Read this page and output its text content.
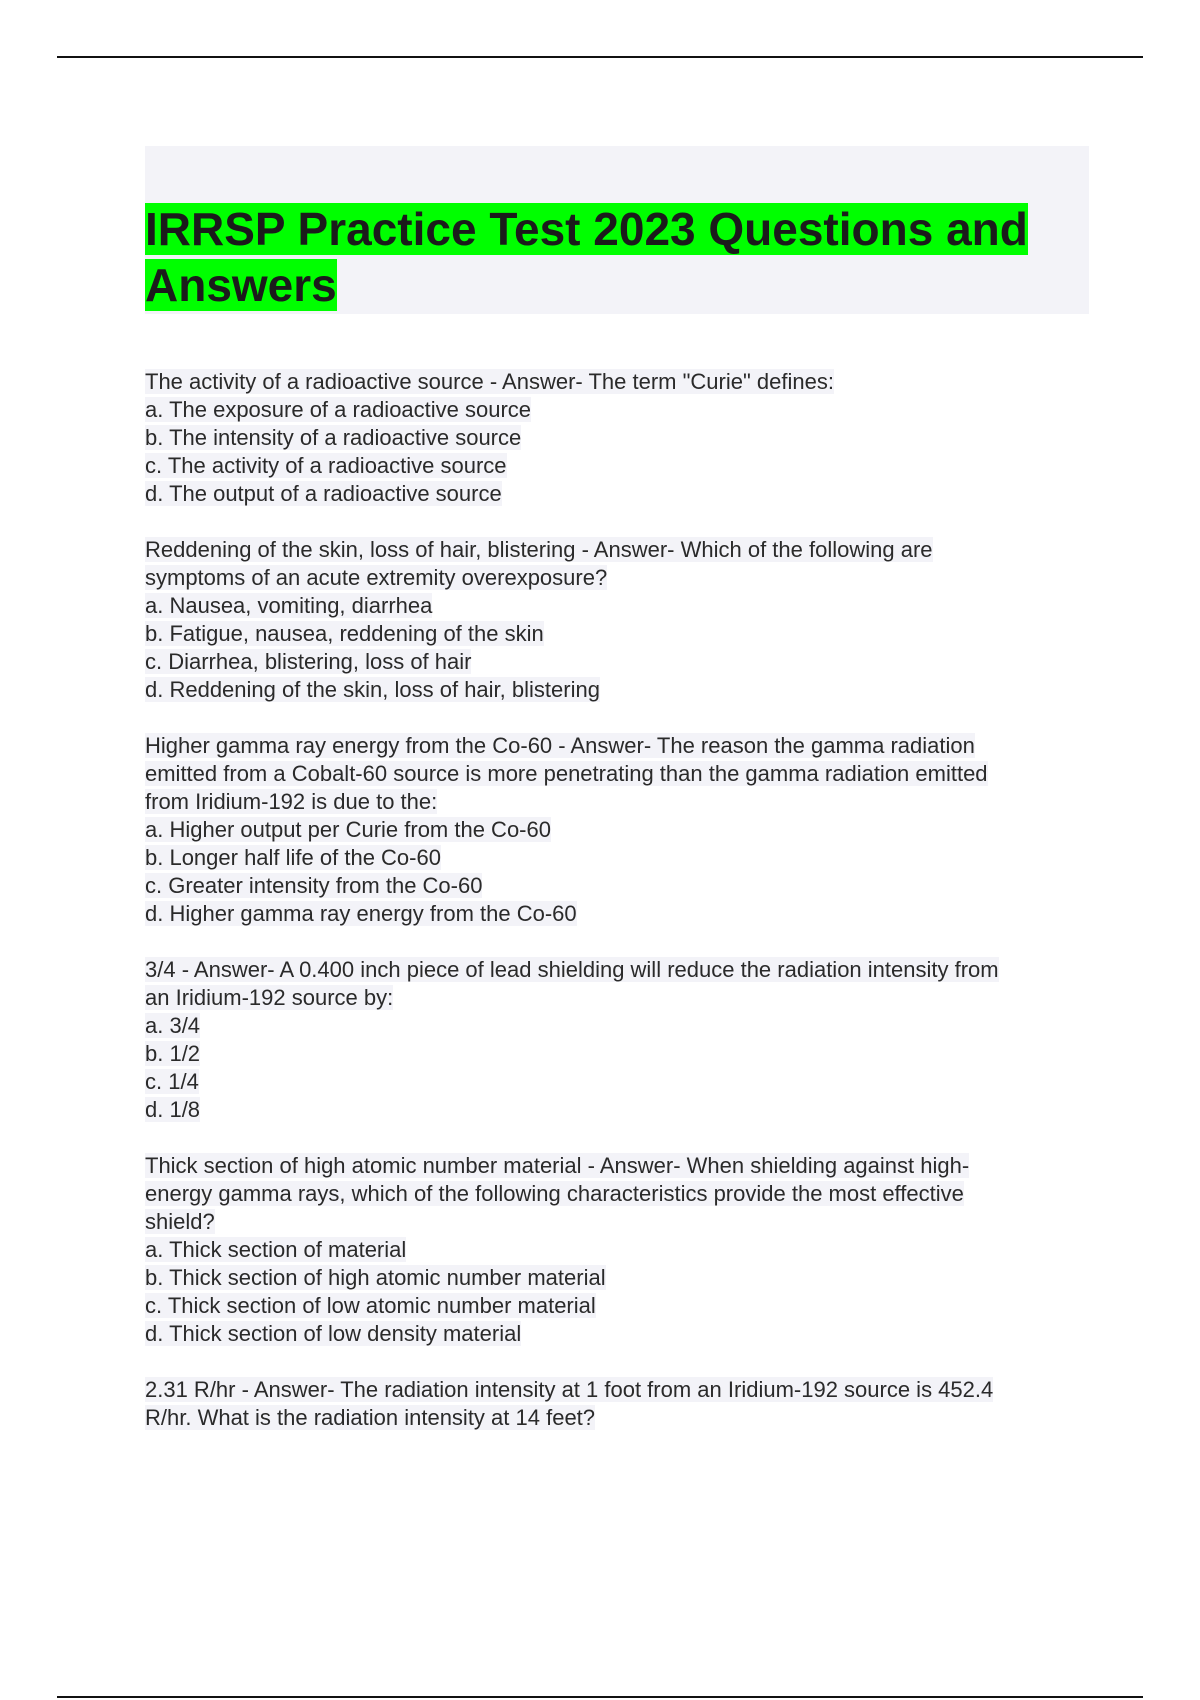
IRRSP Practice Test 2023 Questions and Answers
The activity of a radioactive source - Answer- The term "Curie" defines:
a. The exposure of a radioactive source
b. The intensity of a radioactive source
c. The activity of a radioactive source
d. The output of a radioactive source
Reddening of the skin, loss of hair, blistering - Answer- Which of the following are
symptoms of an acute extremity overexposure?
a. Nausea, vomiting, diarrhea
b. Fatigue, nausea, reddening of the skin
c. Diarrhea, blistering, loss of hair
d. Reddening of the skin, loss of hair, blistering
Higher gamma ray energy from the Co-60 - Answer- The reason the gamma radiation
emitted from a Cobalt-60 source is more penetrating than the gamma radiation emitted
from Iridium-192 is due to the:
a. Higher output per Curie from the Co-60
b. Longer half life of the Co-60
c. Greater intensity from the Co-60
d. Higher gamma ray energy from the Co-60
3/4 - Answer- A 0.400 inch piece of lead shielding will reduce the radiation intensity from
an Iridium-192 source by:
a. 3/4
b. 1/2
c. 1/4
d. 1/8
Thick section of high atomic number material - Answer- When shielding against high-
energy gamma rays, which of the following characteristics provide the most effective
shield?
a. Thick section of material
b. Thick section of high atomic number material
c. Thick section of low atomic number material
d. Thick section of low density material
2.31 R/hr - Answer- The radiation intensity at 1 foot from an Iridium-192 source is 452.4
R/hr. What is the radiation intensity at 14 feet?
